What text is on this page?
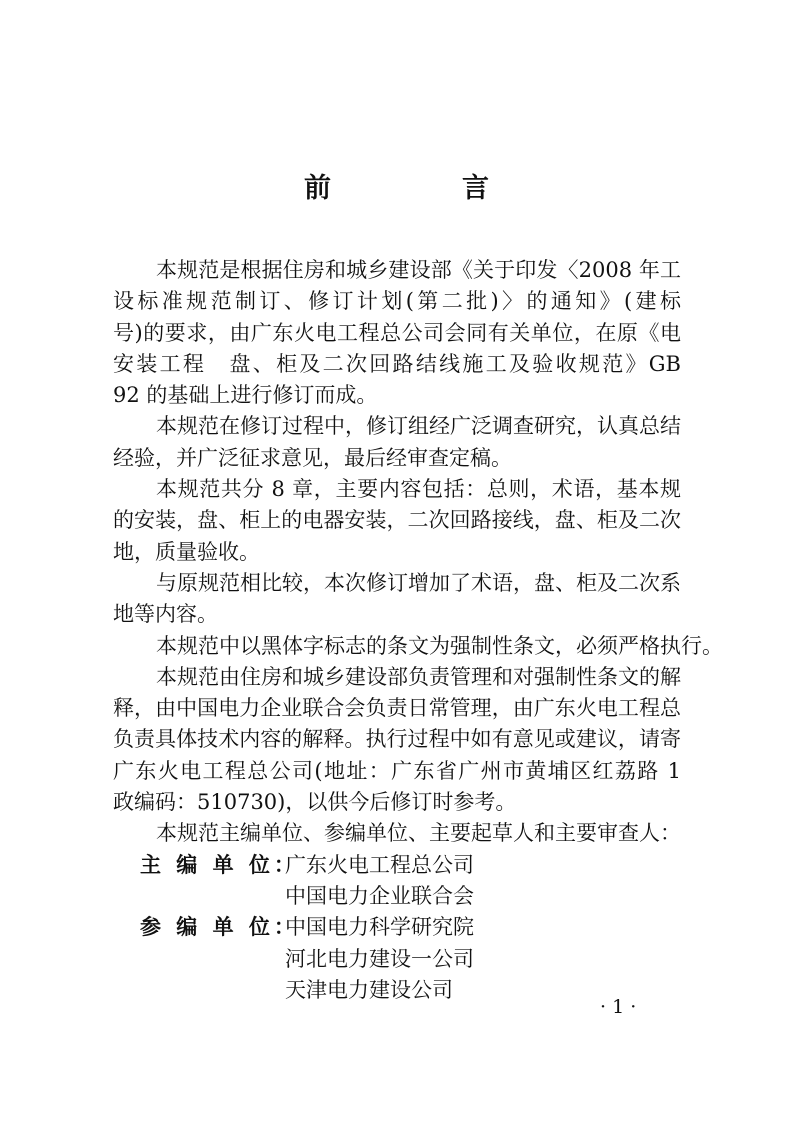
前　言
本规范是根据住房和城乡建设部《关于印发〈2008 年工
设标准规范制订、修订计划(第二批)〉的通知》(建标
号)的要求，由广东火电工程总公司会同有关单位，在原《电
安装工程　盘、柜及二次回路结线施工及验收规范》GB
92 的基础上进行修订而成。
本规范在修订过程中，修订组经广泛调查研究，认真总结
经验，并广泛征求意见，最后经审查定稿。
本规范共分 8 章，主要内容包括：总则，术语，基本规
的安装，盘、柜上的电器安装，二次回路接线，盘、柜及二次
地，质量验收。
与原规范相比较，本次修订增加了术语，盘、柜及二次系
地等内容。
本规范中以黑体字标志的条文为强制性条文，必须严格执行。
本规范由住房和城乡建设部负责管理和对强制性条文的解
释，由中国电力企业联合会负责日常管理，由广东火电工程总
负责具体技术内容的解释。执行过程中如有意见或建议，请寄
广东火电工程总公司(地址：广东省广州市黄埔区红荔路 1
政编码：510730)，以供今后修订时参考。
本规范主编单位、参编单位、主要起草人和主要审查人：
主 编 单 位：
广东火电工程总公司
中国电力企业联合会
参 编 单 位：
中国电力科学研究院
河北电力建设一公司
天津电力建设公司
· 1 ·
